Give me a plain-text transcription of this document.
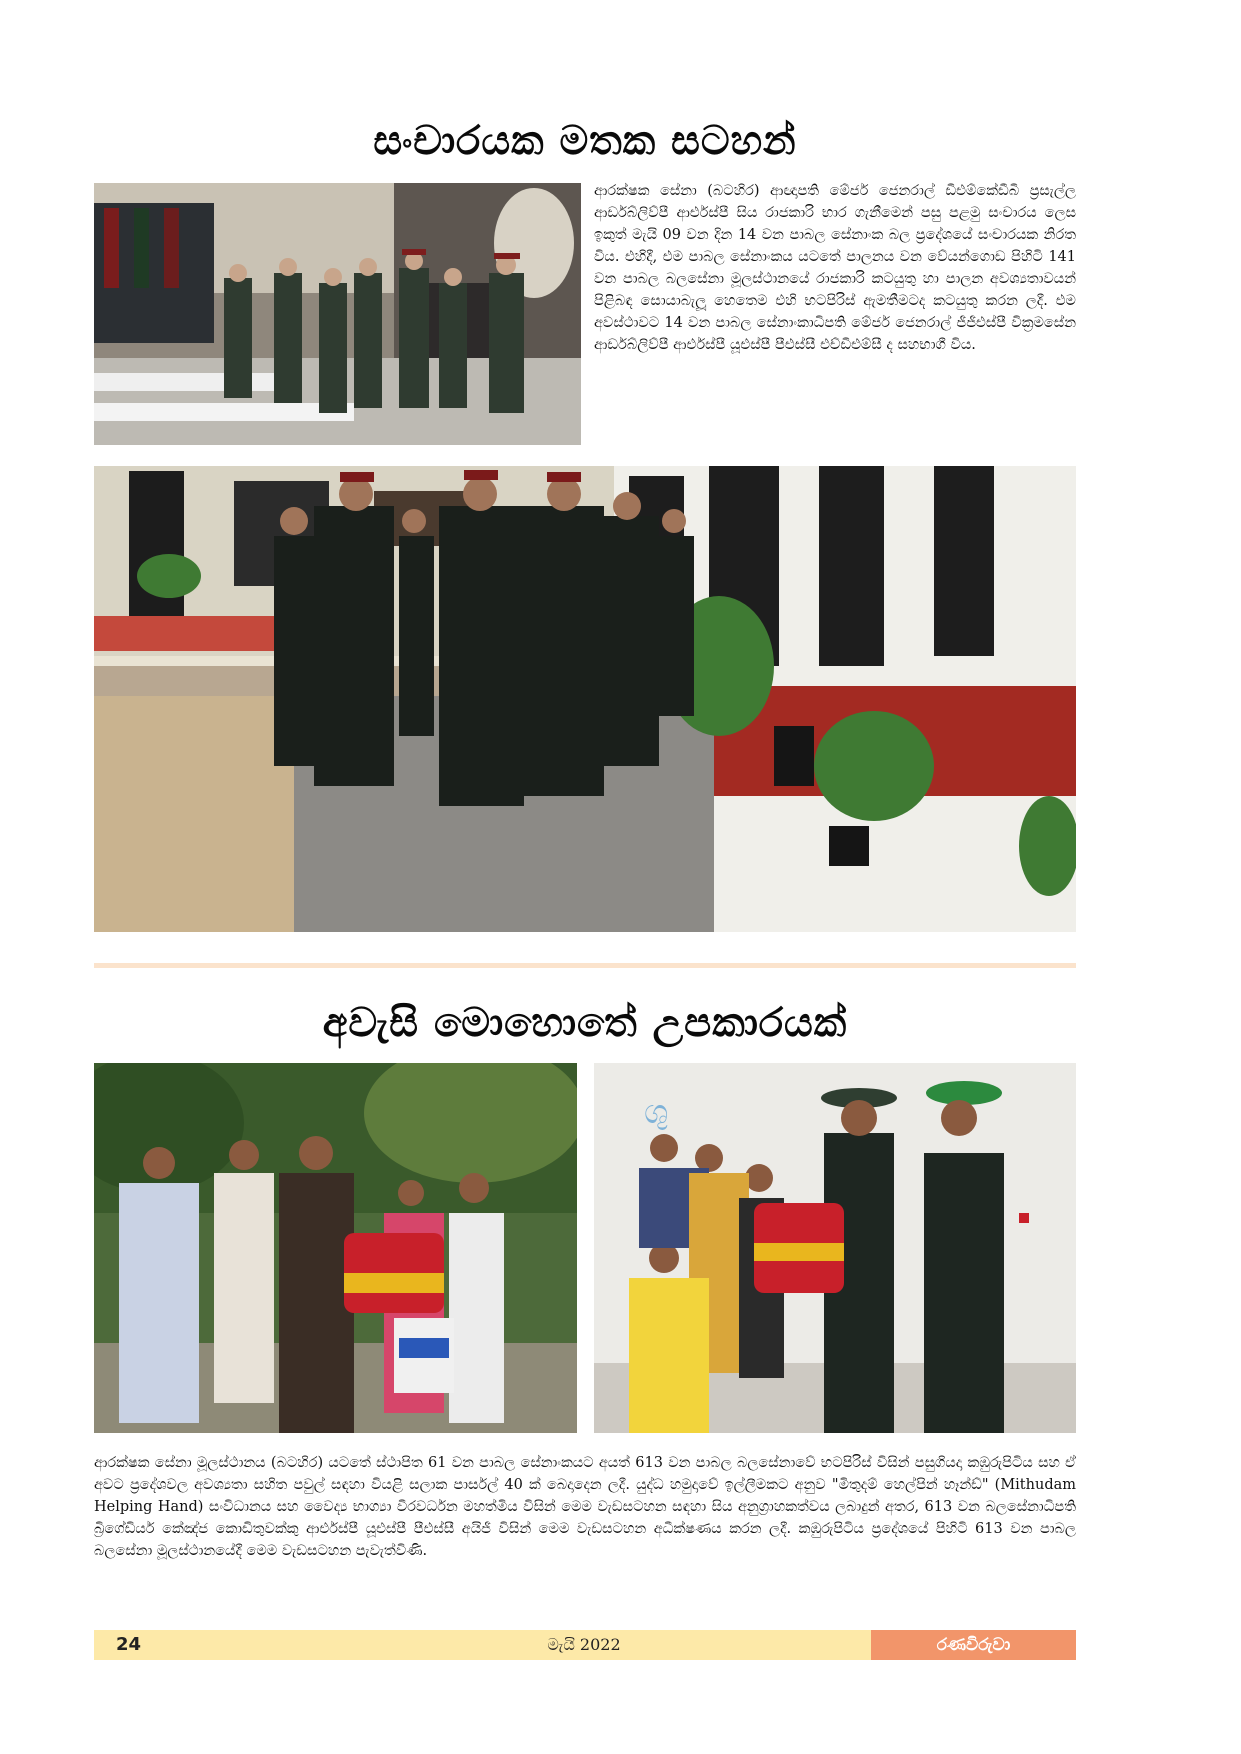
සංචාරයක මතක සටහන්

ආරක්ෂක සේනා (බටහිර) ආඥාපති මේජර් ජෙනරාල් ඩීඑම්කේඩීබී ප්‍රසැල්ල ආර්ඩබ්ලිව්පී ආර්එස්පී සිය රාජකාරි භාර ගැනීමෙන් පසු පළමු සංචාරය ලෙස ඉකුත් මැයි 09 වන දින 14 වන පාබල සේනාංක බල ප්‍රදේශයේ සංචාරයක නිරත විය. එහිදී, එම පාබල සේනාංකය යටතේ පාලනය වන වේයන්ගොඩ පිහිටි 141 වන පාබල බලසේනා මූලස්ථානයේ රාජකාරි කටයුතු හා පාලන අවශ්‍යතාවයන් පිළිබඳ සොයාබැලූ හෙතෙම එහි භටපිරිස් ඇමතීමටද කටයුතු කරන ලදී. එම අවස්ථාවට 14 වන පාබල සේනාංකාධිපති මේජර් ජෙනරාල් ජීජීඑස්පී වික්‍රමසේන ආර්ඩබ්ලිව්පී ආර්එස්පී යූඑස්පී පීඑස්සී එච්ඩීඑම්සී ද සහභාගී විය.

අවැසි මොහොතේ උපකාරයක්
ශු

ආරක්ෂක සේනා මූලස්ථානය (බටහිර) යටතේ ස්ථාපිත 61 වන පාබල සේනාංකයට අයත් 613 වන පාබල බලසේනාවේ භටපිරිස් විසින් පසුගියදා කඹුරුපිටිය සහ ඒ අවට ප්‍රදේශවල අවශ්‍යතා සහිත පවුල් සඳහා වියළි සලාක පාර්සල් 40 ක් බෙදාදෙන ලදී. යුද්ධ හමුදාවේ ඉල්ලීමකට අනුව "මිතුදම් හෙල්පින් හෑන්ඩ්" (Mithudam Helping Hand) සංවිධානය සහ වෛද්‍ය භාග්‍යා වීරවර්ධන මහත්මිය විසින් මෙම වැඩසටහන සඳහා සිය අනුග්‍රාහකත්වය ලබාදුන් අතර, 613 වන බලසේනාධිපති බ්‍රිගේඩියර් කේඤ්ජ කොඩිතුවක්කු ආර්එස්පී යූඑස්පී පීඑස්සී අයිජී විසින් මෙම වැඩසටහන අධීක්ෂණය කරන ලදී. කඹුරුපිටිය ප්‍රදේශයේ පිහිටි 613 වන පාබල බලසේනා මූලස්ථානයේදී මෙම වැඩසටහන පැවැත්විණි.

24	මැයි 2022	රණවිරුවා
